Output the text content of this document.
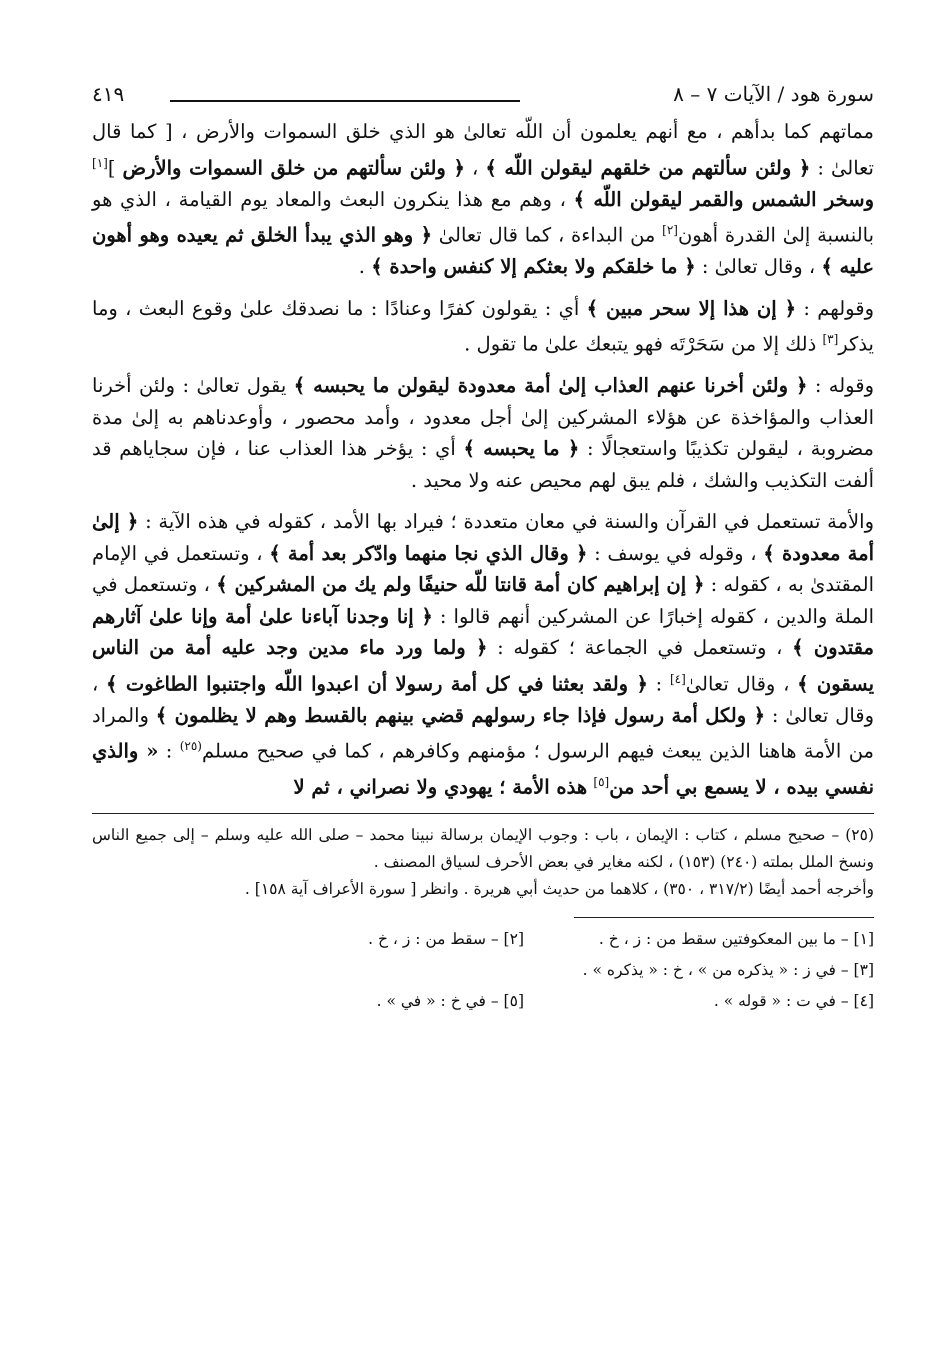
سورة هود / الآيات ٧ – ٨
٤١٩

مماتهم كما بدأهم ، مع أنهم يعلمون أن اللّه تعالىٰ هو الذي خلق السموات والأرض ، [ كما قال تعالىٰ : ﴿ ولئن سألتهم من خلقهم ليقولن اللّه ﴾ ، ﴿ ولئن سألتهم من خلق السموات والأرض ][١] وسخر الشمس والقمر ليقولن اللّه ﴾ ، وهم مع هذا ينكرون البعث والمعاد يوم القيامة ، الذي هو بالنسبة إلىٰ القدرة أهون[٢] من البداءة ، كما قال تعالىٰ ﴿ وهو الذي يبدأ الخلق ثم يعيده وهو أهون عليه ﴾ ، وقال تعالىٰ : ﴿ ما خلقكم ولا بعثكم إلا كنفس واحدة ﴾ .

وقولهم : ﴿ إن هذا إلا سحر مبين ﴾ أي : يقولون كفرًا وعنادًا : ما نصدقك علىٰ وقوع البعث ، وما يذكر[٣] ذلك إلا من سَحَرْتَه فهو يتبعك علىٰ ما تقول .

وقوله : ﴿ ولئن أخرنا عنهم العذاب إلىٰ أمة معدودة ليقولن ما يحبسه ﴾ يقول تعالىٰ : ولئن أخرنا العذاب والمؤاخذة عن هؤلاء المشركين إلىٰ أجل معدود ، وأمد محصور ، وأوعدناهم به إلىٰ مدة مضروبة ، ليقولن تكذيبًا واستعجالًا : ﴿ ما يحبسه ﴾ أي : يؤخر هذا العذاب عنا ، فإن سجاياهم قد ألفت التكذيب والشك ، فلم يبق لهم محيص عنه ولا محيد .

والأمة تستعمل في القرآن والسنة في معان متعددة ؛ فيراد بها الأمد ، كقوله في هذه الآية : ﴿ إلىٰ أمة معدودة ﴾ ، وقوله في يوسف : ﴿ وقال الذي نجا منهما وادّكر بعد أمة ﴾ ، وتستعمل في الإمام المقتدىٰ به ، كقوله : ﴿ إن إبراهيم كان أمة قانتا للّه حنيفًا ولم يك من المشركين ﴾ ، وتستعمل في الملة والدين ، كقوله إخبارًا عن المشركين أنهم قالوا : ﴿ إنا وجدنا آباءنا علىٰ أمة وإنا علىٰ آثارهم مقتدون ﴾ ، وتستعمل في الجماعة ؛ كقوله : ﴿ ولما ورد ماء مدين وجد عليه أمة من الناس يسقون ﴾ ، وقال تعالىٰ[٤] : ﴿ ولقد بعثنا في كل أمة رسولا أن اعبدوا اللّه واجتنبوا الطاغوت ﴾ ، وقال تعالىٰ : ﴿ ولكل أمة رسول فإذا جاء رسولهم قضي بينهم بالقسط وهم لا يظلمون ﴾ والمراد من الأمة هاهنا الذين يبعث فيهم الرسول ؛ مؤمنهم وكافرهم ، كما في صحيح مسلم$^{(٢٥)}$ : « والذي نفسي بيده ، لا يسمع بي أحد من[٥] هذه الأمة ؛ يهودي ولا نصراني ، ثم لا

(٢٥) – صحيح مسلم ، كتاب : الإيمان ، باب : وجوب الإيمان برسالة نبينا محمد – صلى الله عليه وسلم – إلى جميع الناس ونسخ الملل بملته (٢٤٠) (١٥٣) ، لكنه مغاير في بعض الأحرف لسياق المصنف .

وأخرجه أحمد أيضًا (٣١٧/٢ ، ٣٥٠) ، كلاهما من حديث أبي هريرة . وانظر [ سورة الأعراف آية ١٥٨] .

[١] – ما بين المعكوفتين سقط من : ز ، خ .
[٢] – سقط من : ز ، خ .
[٣] – في ز : « يذكره من » ، خ : « يذكره » .
[٤] – في ت : « قوله » .
[٥] – في خ : « في » .
